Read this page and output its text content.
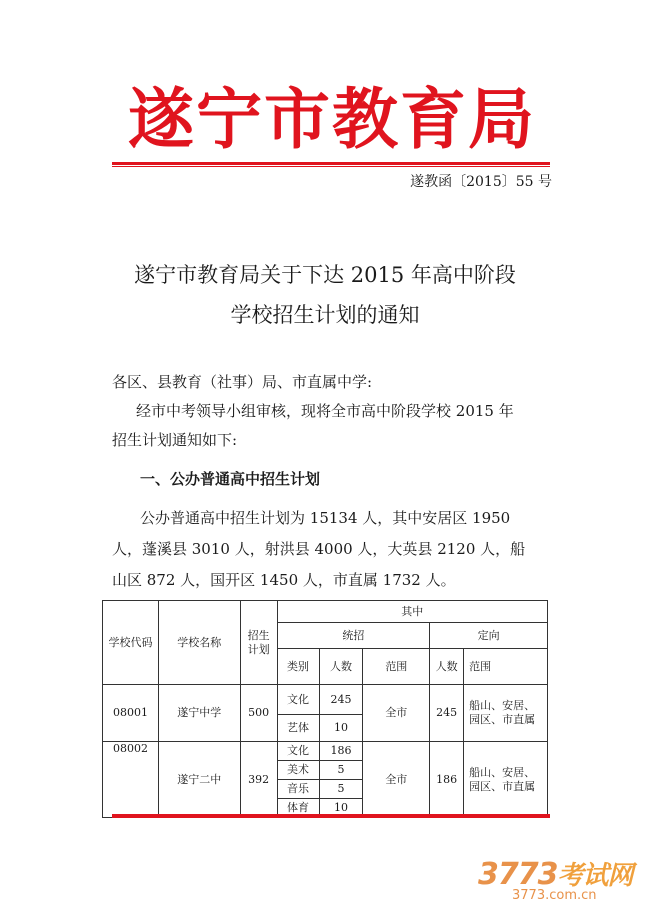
遂宁市教育局
遂教函〔2015〕55 号
遂宁市教育局关于下达 2015 年高中阶段
学校招生计划的通知
各区、县教育（社事）局、市直属中学:
经市中考领导小组审核，现将全市高中阶段学校 2015 年
招生计划通知如下:
一、公办普通高中招生计划
公办普通高中招生计划为 15134 人，其中安居区 1950
人，蓬溪县 3010 人，射洪县 4000 人，大英县 2120 人，船
山区 872 人，国开区 1450 人，市直属 1732 人。
学校代码	学校名称	招生计划	其中				
			统招			定向	
			类别	人数	范围	人数	范围
08001	遂宁中学	500	文化	245	全市	245	船山、安居、园区、市直属
			艺体	10			
08002	遂宁二中	392	文化	186	全市	186	船山、安居、园区、市直属
			美术	5			
			音乐	5			
			体育	10			
3773考试网
3773.com.cn
